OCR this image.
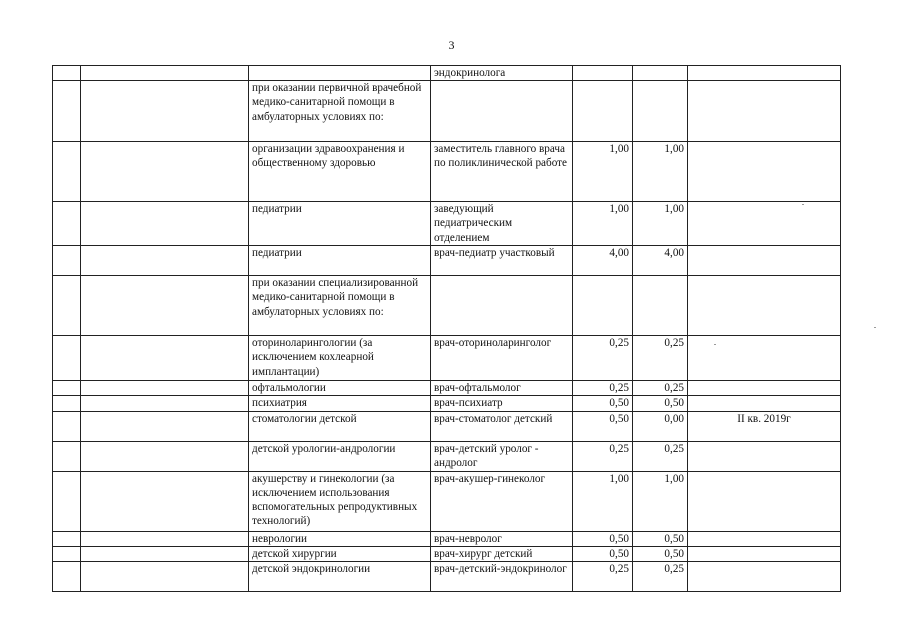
3
			эндокринолога			
		при оказании первичной врачебной медико-санитарной помощи в амбулаторных условиях по:				
		организации здравоохранения и общественному здоровью	заместитель главного врача по поликлинической работе	1,00	1,00	
		педиатрии	заведующий педиатрическим отделением	1,00	1,00	
		педиатрии	врач-педиатр участковый	4,00	4,00	
		при оказании специализированной медико-санитарной помощи в амбулаторных условиях по:				
		оториноларингологии (за исключением кохлеарной имплантации)	врач-оториноларинголог	0,25	0,25	
		офтальмологии	врач-офтальмолог	0,25	0,25	
		психиатрия	врач-психиатр	0,50	0,50	
		стоматологии детской	врач-стоматолог детский	0,50	0,00	II кв. 2019г
		детской урологии-андрологии	врач-детский уролог - андролог	0,25	0,25	
		акушерству и гинекологии (за исключением использования вспомогательных репродуктивных технологий)	врач-акушер-гинеколог	1,00	1,00	
		неврологии	врач-невролог	0,50	0,50	
		детской хирургии	врач-хирург детский	0,50	0,50	
		детской эндокринологии	врач-детский-эндокринолог	0,25	0,25	
